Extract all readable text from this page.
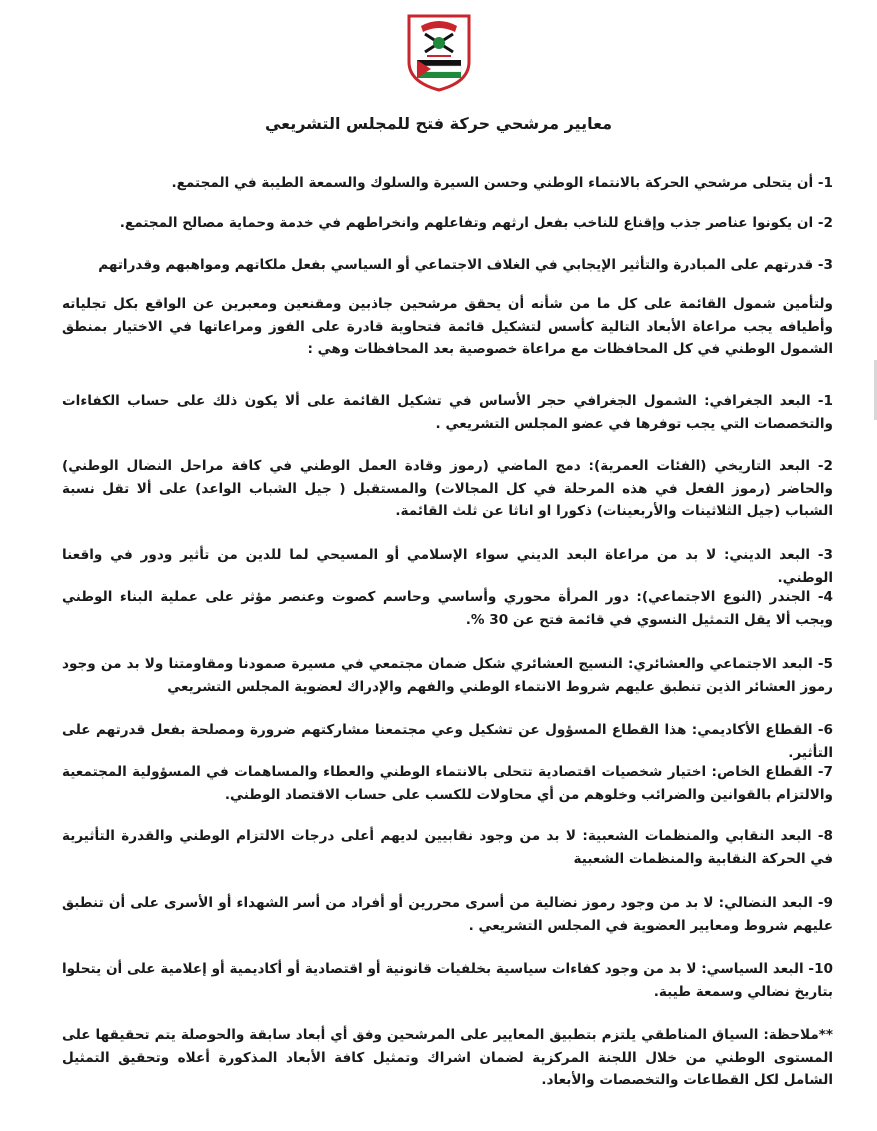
معايير مرشحي حركة فتح للمجلس التشريعي

1- أن يتحلى مرشحي الحركة بالانتماء الوطني وحسن السيرة والسلوك والسمعة الطيبة في المجتمع.

2- ان يكونوا عناصر جذب وإقناع للناخب بفعل ارثهم وتفاعلهم وانخراطهم في خدمة وحماية مصالح المجتمع.

3- قدرتهم على المبادرة والتأثير الإيجابي في الغلاف الاجتماعي أو السياسي بفعل ملكاتهم ومواهبهم وقدراتهم

ولتأمين شمول القائمة على كل ما من شأنه أن يحقق مرشحين جاذبين ومقنعين ومعبرين عن الواقع بكل تجلياته وأطيافه يجب مراعاة الأبعاد التالية كأسس لتشكيل قائمة فتحاوية قادرة على الفوز ومراعاتها في الاختيار بمنطق الشمول الوطني في كل المحافظات مع مراعاة خصوصية بعد المحافظات وهي :

1- البعد الجغرافي: الشمول الجغرافي حجر الأساس في تشكيل القائمة على ألا يكون ذلك على حساب الكفاءات والتخصصات التي يجب توفرها في عضو المجلس التشريعي .

2- البعد التاريخي (الفئات العمرية): دمج الماضي (رموز وقادة العمل الوطني في كافة مراحل النضال الوطني) والحاضر (رموز الفعل في هذه المرحلة في كل المجالات) والمستقبل ( جيل الشباب الواعد) على ألا تقل نسبة الشباب (جيل الثلاثينات والأربعينات) ذكورا او اناثا عن ثلث القائمة.

3- البعد الديني: لا بد من مراعاة البعد الديني سواء الإسلامي أو المسيحي لما للدين من تأثير ودور في واقعنا الوطني.

4- الجندر (النوع الاجتماعي): دور المرأة محوري وأساسي وحاسم كصوت وعنصر مؤثر على عملية البناء الوطني ويجب ألا يقل التمثيل النسوي في قائمة فتح عن 30 %.

5- البعد الاجتماعي والعشائري: النسيج العشائري شكل ضمان مجتمعي في مسيرة صمودنا ومقاومتنا ولا بد من وجود رموز العشائر الذين تنطبق عليهم شروط الانتماء الوطني والفهم والإدراك لعضوية المجلس التشريعي

6- القطاع الأكاديمي: هذا القطاع المسؤول عن تشكيل وعي مجتمعنا مشاركتهم ضرورة ومصلحة بفعل قدرتهم على التأثير.

7- القطاع الخاص: اختيار شخصيات اقتصادية تتحلى بالانتماء الوطني والعطاء والمساهمات في المسؤولية المجتمعية والالتزام بالقوانين والضرائب وخلوهم من أي محاولات للكسب على حساب الاقتصاد الوطني.

8- البعد النقابي والمنظمات الشعبية: لا بد من وجود نقابيين لديهم أعلى درجات الالتزام الوطني والقدرة التأثيرية في الحركة النقابية والمنظمات الشعبية

9- البعد النضالي: لا بد من وجود رموز نضالية من أسرى محررين أو أفراد من أسر الشهداء أو الأسرى على أن تنطبق عليهم شروط ومعايير العضوية في المجلس التشريعي .

10- البعد السياسي: لا بد من وجود كفاءات سياسية بخلفيات قانونية أو اقتصادية أو أكاديمية أو إعلامية على أن يتحلوا بتاريخ نضالي وسمعة طيبة.

**ملاحظة: السياق المناطقي يلتزم بتطبيق المعايير على المرشحين وفق أي أبعاد سابقة والحوصلة يتم تحقيقها على المستوى الوطني من خلال اللجنة المركزية لضمان اشراك وتمثيل كافة الأبعاد المذكورة أعلاه وتحقيق التمثيل الشامل لكل القطاعات والتخصصات والأبعاد.
